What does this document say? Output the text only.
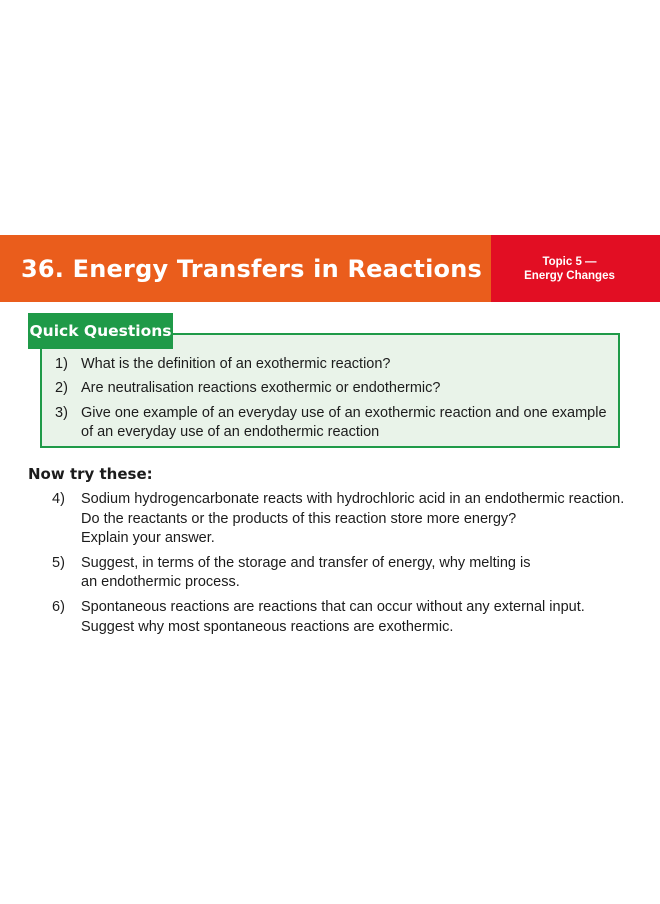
36. Energy Transfers in Reactions	Topic 5 —
Energy Changes
Quick Questions
1) What is the definition of an exothermic reaction?
2) Are neutralisation reactions exothermic or endothermic?
3) Give one example of an everyday use of an exothermic reaction and one example
of an everyday use of an endothermic reaction
Now try these:
4) Sodium hydrogencarbonate reacts with hydrochloric acid in an endothermic reaction.
Do the reactants or the products of this reaction store more energy?
Explain your answer.
5) Suggest, in terms of the storage and transfer of energy, why melting is
an endothermic process.
6) Spontaneous reactions are reactions that can occur without any external input.
Suggest why most spontaneous reactions are exothermic.
